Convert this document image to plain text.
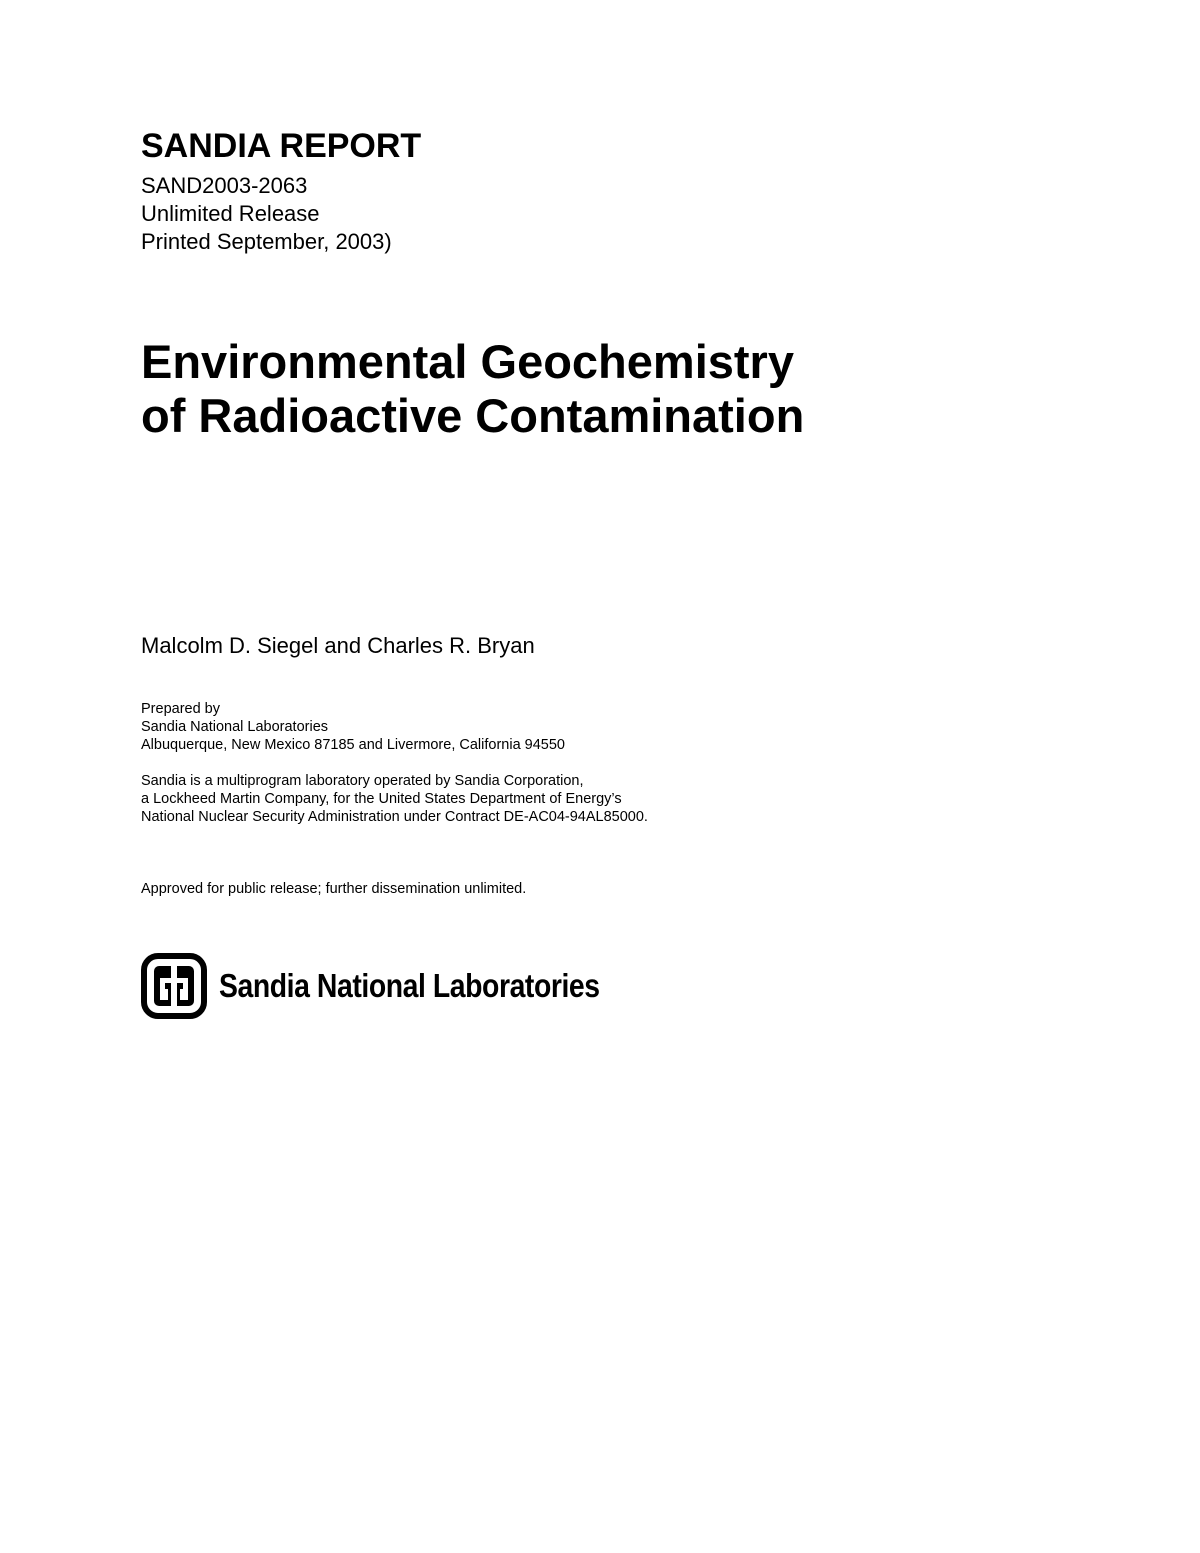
SANDIA REPORT
SAND2003-2063
Unlimited Release
Printed September, 2003)
Environmental Geochemistry
of Radioactive Contamination
Malcolm D. Siegel and Charles R. Bryan
Prepared by
Sandia National Laboratories
Albuquerque, New Mexico 87185 and Livermore, California 94550
Sandia is a multiprogram laboratory operated by Sandia Corporation,
a Lockheed Martin Company, for the United States Department of Energy’s
National Nuclear Security Administration under Contract DE-AC04-94AL85000.
Approved for public release; further dissemination unlimited.
Sandia National Laboratories
